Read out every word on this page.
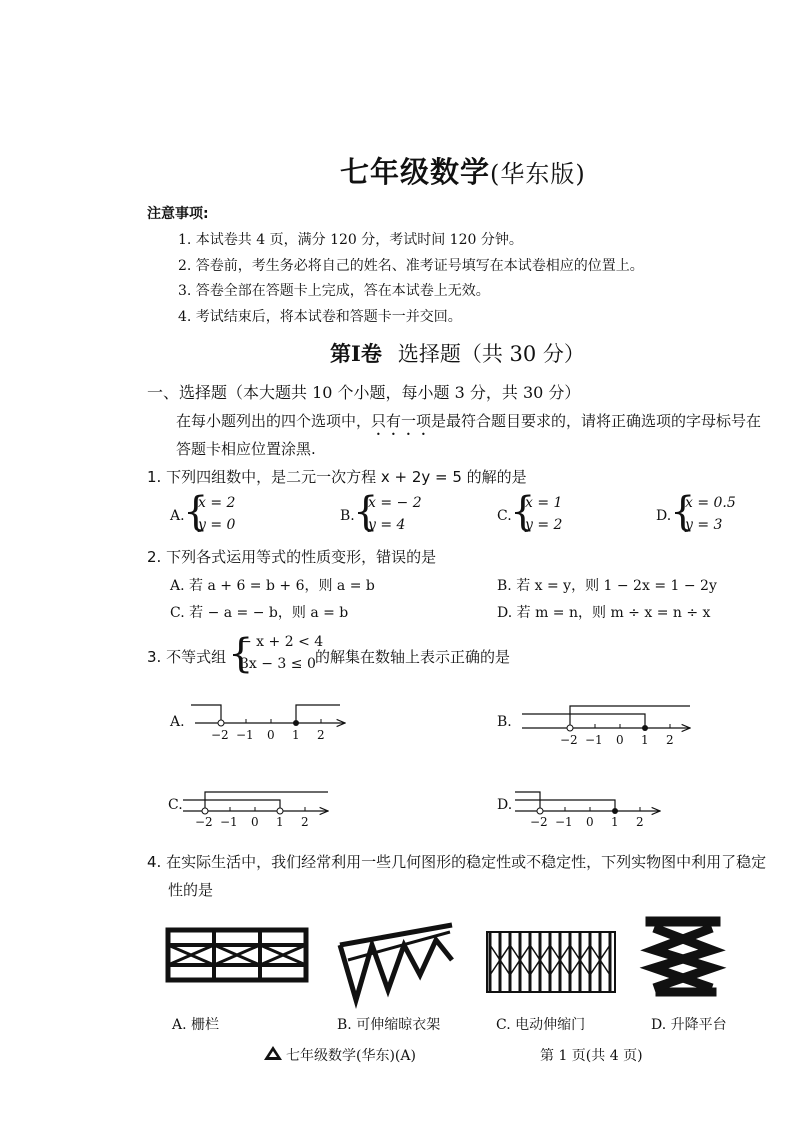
七年级数学(华东版)
注意事项:
1. 本试卷共 4 页，满分 120 分，考试时间 120 分钟。
2. 答卷前，考生务必将自己的姓名、准考证号填写在本试卷相应的位置上。
3. 答卷全部在答题卡上完成，答在本试卷上无效。
4. 考试结束后，将本试卷和答题卡一并交回。
第Ⅰ卷 选择题（共 30 分）
一、选择题（本大题共 10 个小题，每小题 3 分，共 30 分）
在每小题列出的四个选项中，只有一项是最符合题目要求的，请将正确选项的字母标号在
答题卡相应位置涂黑.
1. 下列四组数中，是二元一次方程 x + 2y = 5 的解的是
A.
{
x = 2
y = 0
B.
{
x = − 2
y = 4
C.
{
x = 1
y = 2
D.
{
x = 0.5
y = 3
2. 下列各式运用等式的性质变形，错误的是
A. 若 a + 6 = b + 6，则 a = b	B. 若 x = y，则 1 − 2x = 1 − 2y
C. 若 − a = − b，则 a = b	D. 若 m = n，则 m ÷ x = n ÷ x
3. 不等式组 {
− x + 2 < 4
3x − 3 ≤ 0 的解集在数轴上表示正确的是
A.	B.
C.	D.
−2 −1 0 1 2	−2 −1 0 1 2
−2 −1 0 1 2	−2 −1 0 1 2
4. 在实际生活中，我们经常利用一些几何图形的稳定性或不稳定性，下列实物图中利用了稳定
性的是
A. 栅栏	B. 可伸缩晾衣架	C. 电动伸缩门	D. 升降平台
七年级数学(华东)(A)	第 1 页(共 4 页)
